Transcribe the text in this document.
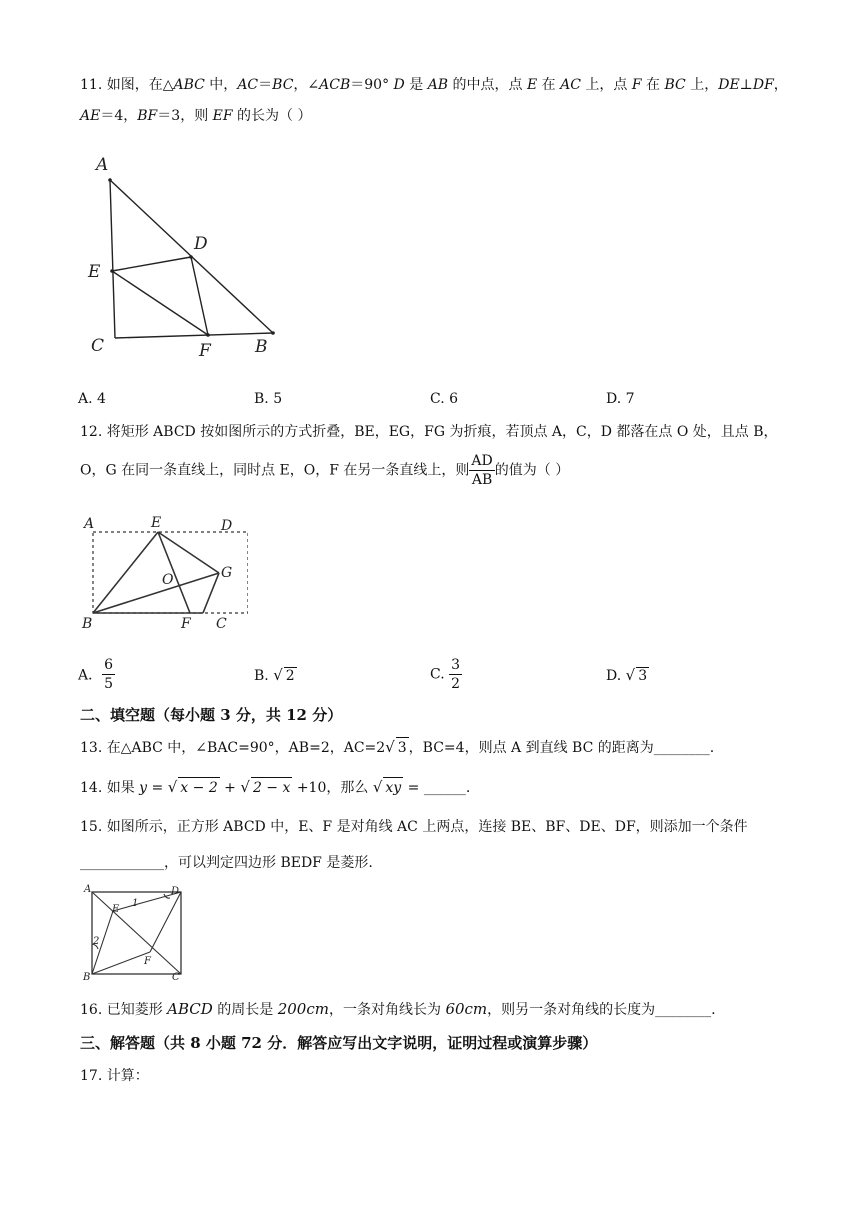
11. 如图，在△ABC 中，AC＝BC，∠ACB＝90° D 是 AB 的中点，点 E 在 AC 上，点 F 在 BC 上，DE⊥DF，
AE＝4，BF＝3，则 EF 的长为（ ）
A
D
E
C	F	B
A. 4	B. 5	C. 6	D. 7
12. 将矩形 ABCD 按如图所示的方式折叠，BE，EG，FG 为折痕，若顶点 A，C，D 都落在点 O 处，且点 B，
O，G 在同一条直线上，同时点 E，O，F 在另一条直线上，则 $\frac{AD}{AB}$ 的值为（ ）
A	E	D
G
O
B	F C
A． $\frac{6}{5}$	B. √ 2	C. $\frac{3}{2}$	D. √ 3
二、填空题（每小题 3 分，共 12 分）
13. 在△ABC 中，∠BAC=90°，AB=2，AC=2√ 3 ，BC=4，则点 A 到直线 BC 的距离为________.
14. 如果 y = √ x − 2 + √ 2 − x +10，那么 √ xy = ______.
15. 如图所示，正方形 ABCD 中，E、F 是对角线 AC 上两点，连接 BE、BF、DE、DF，则添加一个条件
____________，可以判定四边形 BEDF 是菱形.
A	D
E
F
B	C
1
2
16. 已知菱形 ABCD 的周长是 200cm，一条对角线长为 60cm，则另一条对角线的长度为________.
三、解答题（共 8 小题 72 分．解答应写出文字说明，证明过程或演算步骤）
17. 计算：
